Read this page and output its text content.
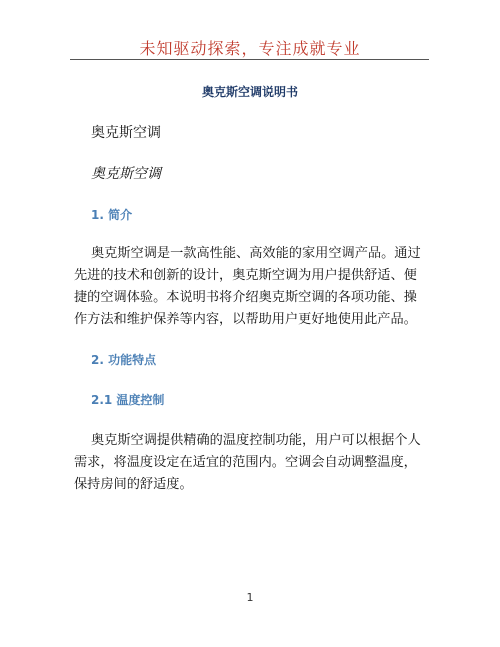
未知驱动探索，专注成就专业
奥克斯空调说明书
奥克斯空调
奥克斯空调
1. 简介

奥克斯空调是一款高性能、高效能的家用空调产品。通过先进的技术和创新的设计，奥克斯空调为用户提供舒适、便捷的空调体验。本说明书将介绍奥克斯空调的各项功能、操作方法和维护保养等内容，以帮助用户更好地使用此产品。

2. 功能特点
2.1 温度控制

奥克斯空调提供精确的温度控制功能，用户可以根据个人需求，将温度设定在适宜的范围内。空调会自动调整温度，保持房间的舒适度。

1
